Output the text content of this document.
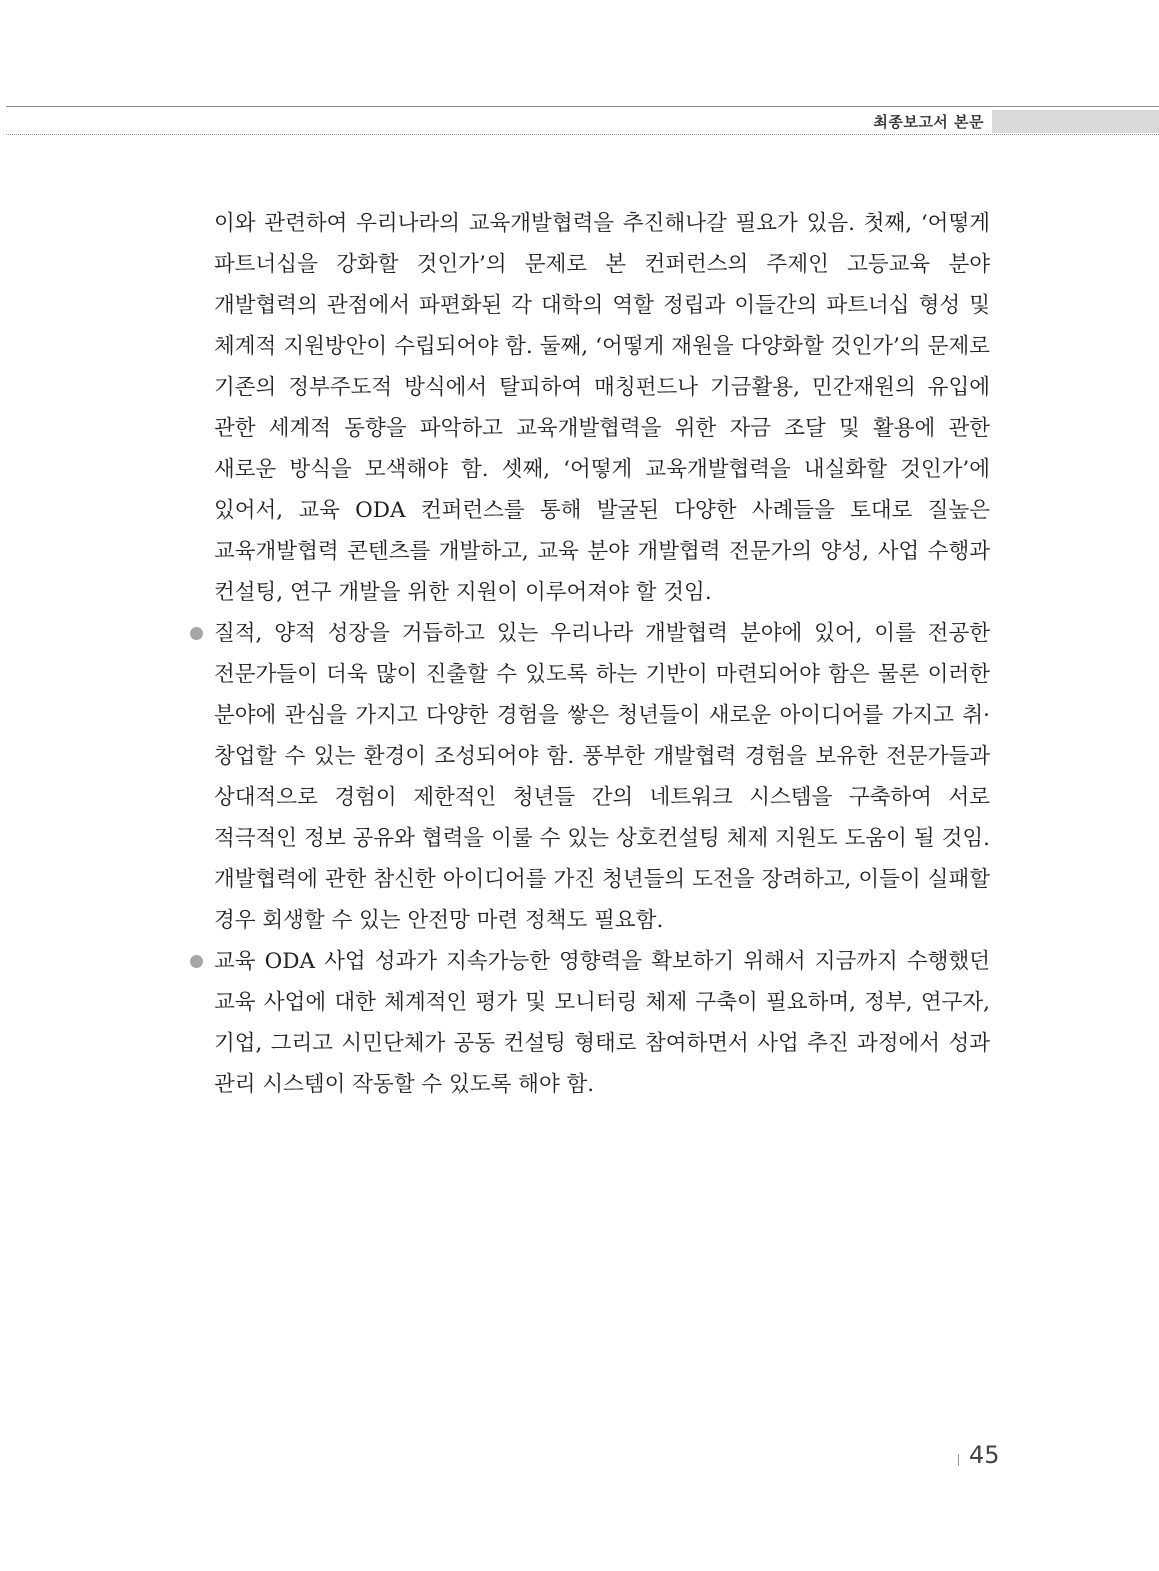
최종보고서 본문

이와 관련하여 우리나라의 교육개발협력을 추진해나갈 필요가 있음. 첫째, ‘어떻게 파트너십을 강화할 것인가’의 문제로 본 컨퍼런스의 주제인 고등교육 분야 개발협력의 관점에서 파편화된 각 대학의 역할 정립과 이들간의 파트너십 형성 및 체계적 지원방안이 수립되어야 함. 둘째, ‘어떻게 재원을 다양화할 것인가’의 문제로 기존의 정부주도적 방식에서 탈피하여 매칭펀드나 기금활용, 민간재원의 유입에 관한 세계적 동향을 파악하고 교육개발협력을 위한 자금 조달 및 활용에 관한 새로운 방식을 모색해야 함. 셋째, ‘어떻게 교육개발협력을 내실화할 것인가’에 있어서, 교육 ODA 컨퍼런스를 통해 발굴된 다양한 사례들을 토대로 질높은 교육개발협력 콘텐츠를 개발하고, 교육 분야 개발협력 전문가의 양성, 사업 수행과 컨설팅, 연구 개발을 위한 지원이 이루어져야 할 것임.

질적, 양적 성장을 거듭하고 있는 우리나라 개발협력 분야에 있어, 이를 전공한 전문가들이 더욱 많이 진출할 수 있도록 하는 기반이 마련되어야 함은 물론 이러한 분야에 관심을 가지고 다양한 경험을 쌓은 청년들이 새로운 아이디어를 가지고 취·창업할 수 있는 환경이 조성되어야 함. 풍부한 개발협력 경험을 보유한 전문가들과 상대적으로 경험이 제한적인 청년들 간의 네트워크 시스템을 구축하여 서로 적극적인 정보 공유와 협력을 이룰 수 있는 상호컨설팅 체제 지원도 도움이 될 것임. 개발협력에 관한 참신한 아이디어를 가진 청년들의 도전을 장려하고, 이들이 실패할 경우 회생할 수 있는 안전망 마련 정책도 필요함.

교육 ODA 사업 성과가 지속가능한 영향력을 확보하기 위해서 지금까지 수행했던 교육 사업에 대한 체계적인 평가 및 모니터링 체제 구축이 필요하며, 정부, 연구자, 기업, 그리고 시민단체가 공동 컨설팅 형태로 참여하면서 사업 추진 과정에서 성과 관리 시스템이 작동할 수 있도록 해야 함.

45
